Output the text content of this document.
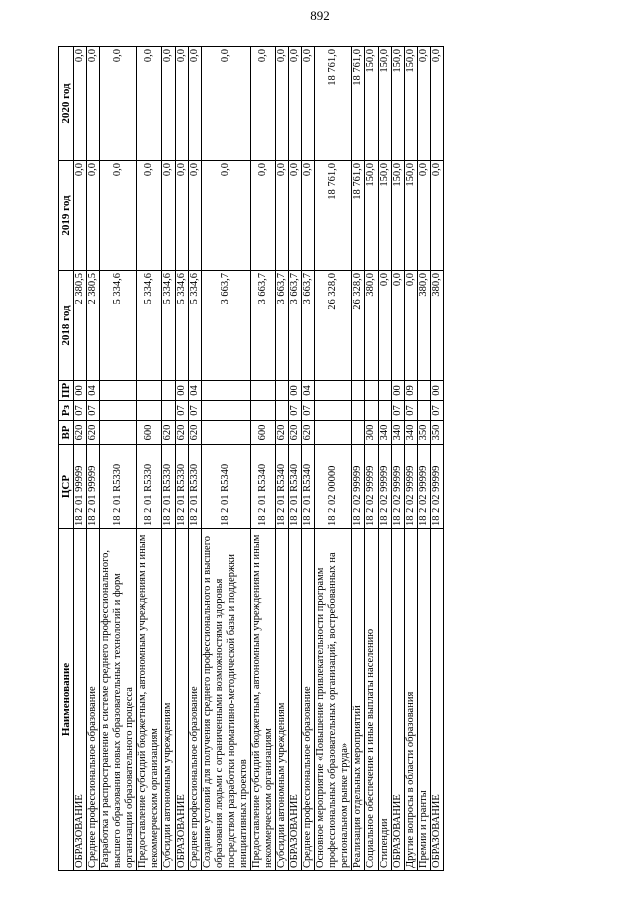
892
Наименование	ЦСР	ВР	Рз	ПР	2018 год	2019 год	2020 год
ОБРАЗОВАНИЕ	18 2 01 99999	620	07	00	2 380,5	0,0	0,0
Среднее профессиональное образование	18 2 01 99999	620	07	04	2 380,5	0,0	0,0
Разработка и распространение в системе среднего профессионального, высшего образования новых образовательных технологий и форм организации образовательного процесса	18 2 01 R5330				5 334,6	0,0	0,0
Предоставление субсидий бюджетным, автономным учреждениям и иным некоммерческим организациям	18 2 01 R5330	600			5 334,6	0,0	0,0
Субсидии автономным учреждениям	18 2 01 R5330	620			5 334,6	0,0	0,0
ОБРАЗОВАНИЕ	18 2 01 R5330	620	07	00	5 334,6	0,0	0,0
Среднее профессиональное образование	18 2 01 R5330	620	07	04	5 334,6	0,0	0,0
Создание условий для получения среднего профессионального и высшего образования людьми с ограниченными возможностями здоровья посредством разработки нормативно-методической базы и поддержки инициативных проектов	18 2 01 R5340				3 663,7	0,0	0,0
Предоставление субсидий бюджетным, автономным учреждениям и иным некоммерческим организациям	18 2 01 R5340	600			3 663,7	0,0	0,0
Субсидии автономным учреждениям	18 2 01 R5340	620			3 663,7	0,0	0,0
ОБРАЗОВАНИЕ	18 2 01 R5340	620	07	00	3 663,7	0,0	0,0
Среднее профессиональное образование	18 2 01 R5340	620	07	04	3 663,7	0,0	0,0
Основное мероприятие «Повышение привлекательности программ профессиональных образовательных организаций, востребованных на региональном рынке труда»	18 2 02 00000				26 328,0	18 761,0	18 761,0
Реализация отдельных мероприятий	18 2 02 99999				26 328,0	18 761,0	18 761,0
Социальное обеспечение и иные выплаты населению	18 2 02 99999	300			380,0	150,0	150,0
Стипендии	18 2 02 99999	340			0,0	150,0	150,0
ОБРАЗОВАНИЕ	18 2 02 99999	340	07	00	0,0	150,0	150,0
Другие вопросы в области образования	18 2 02 99999	340	07	09	0,0	150,0	150,0
Премии и гранты	18 2 02 99999	350			380,0	0,0	0,0
ОБРАЗОВАНИЕ	18 2 02 99999	350	07	00	380,0	0,0	0,0
